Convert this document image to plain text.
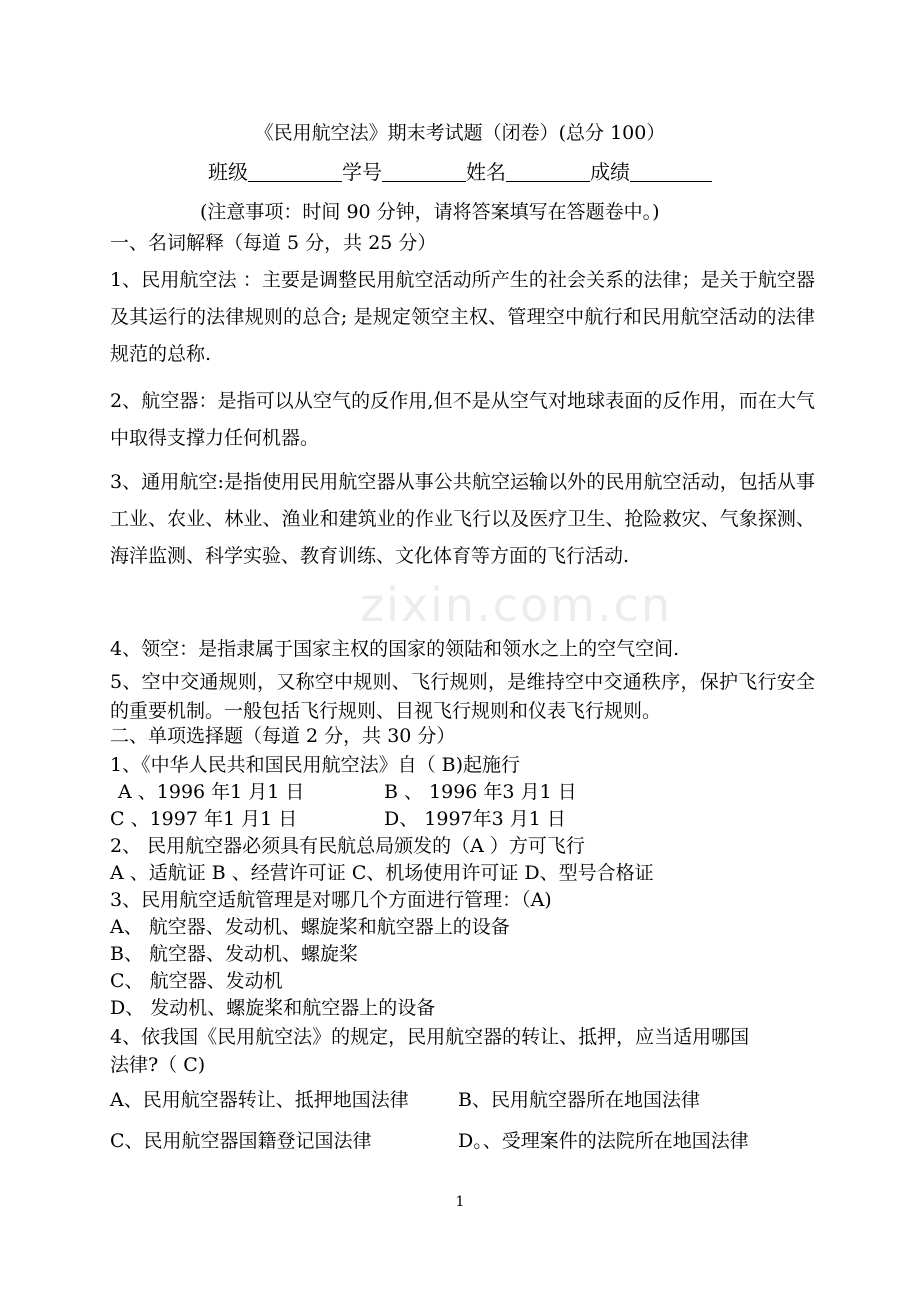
zixin.com.cn
《民用航空法》期末考试题（闭卷）(总分 100）
班级	学号	姓名	成绩
(注意事项：时间 90 分钟，请将答案填写在答题卷中。)
一、名词解释（每道 5 分，共 25 分）
1、民用航空法 ：主要是调整民用航空活动所产生的社会关系的法律；是关于航空器及其运行的法律规则的总合; 是规定领空主权、管理空中航行和民用航空活动的法律规范的总称.
2、航空器：是指可以从空气的反作用,但不是从空气对地球表面的反作用，而在大气中取得支撑力任何机器。
3、通用航空:是指使用民用航空器从事公共航空运输以外的民用航空活动，包括从事工业、农业、林业、渔业和建筑业的作业飞行以及医疗卫生、抢险救灾、气象探测、海洋监测、科学实验、教育训练、文化体育等方面的飞行活动.
4、领空：是指隶属于国家主权的国家的领陆和领水之上的空气空间.
5、空中交通规则，又称空中规则、飞行规则，是维持空中交通秩序，保护飞行安全的重要机制。一般包括飞行规则、目视飞行规则和仪表飞行规则。
二、单项选择题（每道 2 分，共 30 分）
1、《中华人民共和国民用航空法》自（ B)起施行
A 、1996 年1 月1 日	B 、 1996 年3 月1 日
C 、1997 年1 月1 日	D、 1997年3 月1 日
2、 民用航空器必须具有民航总局颁发的（A ）方可飞行
A 、适航证 B 、经营许可证 C、机场使用许可证 D、型号合格证
3、民用航空适航管理是对哪几个方面进行管理：（A)
A、 航空器、发动机、螺旋桨和航空器上的设备
B、 航空器、发动机、螺旋桨
C、 航空器、发动机
D、 发动机、螺旋桨和航空器上的设备
4、依我国《民用航空法》的规定，民用航空器的转让、抵押，应当适用哪国
法律?（ C)
A、民用航空器转让、抵押地国法律	B、民用航空器所在地国法律
C、民用航空器国籍登记国法律	D。、受理案件的法院所在地国法律
1
